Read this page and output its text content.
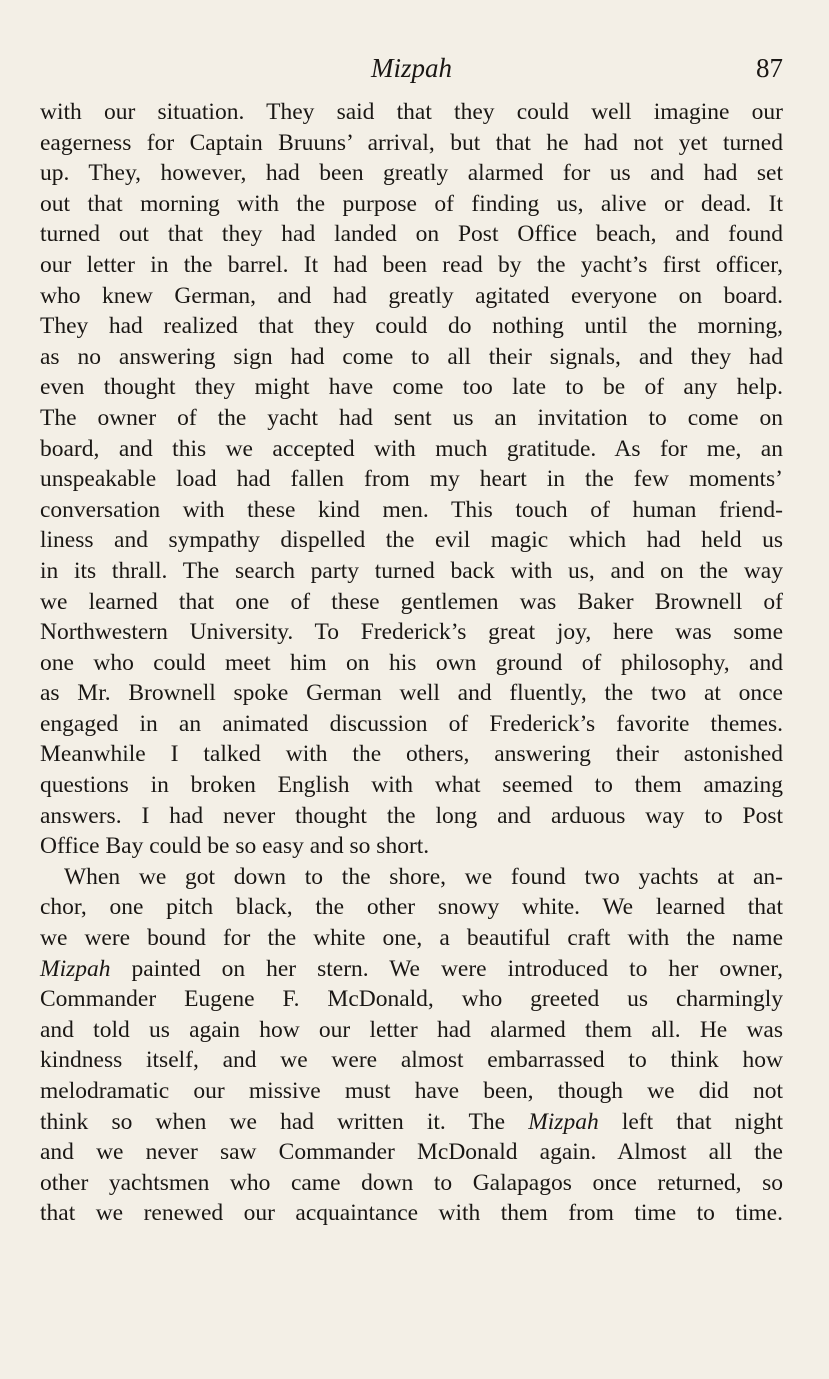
Mizpah	87
with our situation. They said that they could well imagine our
eagerness for Captain Bruuns’ arrival, but that he had not yet turned
up. They, however, had been greatly alarmed for us and had set
out that morning with the purpose of finding us, alive or dead. It
turned out that they had landed on Post Office beach, and found
our letter in the barrel. It had been read by the yacht’s first officer,
who knew German, and had greatly agitated everyone on board.
They had realized that they could do nothing until the morning,
as no answering sign had come to all their signals, and they had
even thought they might have come too late to be of any help.
The owner of the yacht had sent us an invitation to come on
board, and this we accepted with much gratitude. As for me, an
unspeakable load had fallen from my heart in the few moments’
conversation with these kind men. This touch of human friend-
liness and sympathy dispelled the evil magic which had held us
in its thrall. The search party turned back with us, and on the way
we learned that one of these gentlemen was Baker Brownell of
Northwestern University. To Frederick’s great joy, here was some
one who could meet him on his own ground of philosophy, and
as Mr. Brownell spoke German well and fluently, the two at once
engaged in an animated discussion of Frederick’s favorite themes.
Meanwhile I talked with the others, answering their astonished
questions in broken English with what seemed to them amazing
answers. I had never thought the long and arduous way to Post
Office Bay could be so easy and so short.
When we got down to the shore, we found two yachts at an-
chor, one pitch black, the other snowy white. We learned that
we were bound for the white one, a beautiful craft with the name
Mizpah painted on her stern. We were introduced to her owner,
Commander Eugene F. McDonald, who greeted us charmingly
and told us again how our letter had alarmed them all. He was
kindness itself, and we were almost embarrassed to think how
melodramatic our missive must have been, though we did not
think so when we had written it. The Mizpah left that night
and we never saw Commander McDonald again. Almost all the
other yachtsmen who came down to Galapagos once returned, so
that we renewed our acquaintance with them from time to time.
